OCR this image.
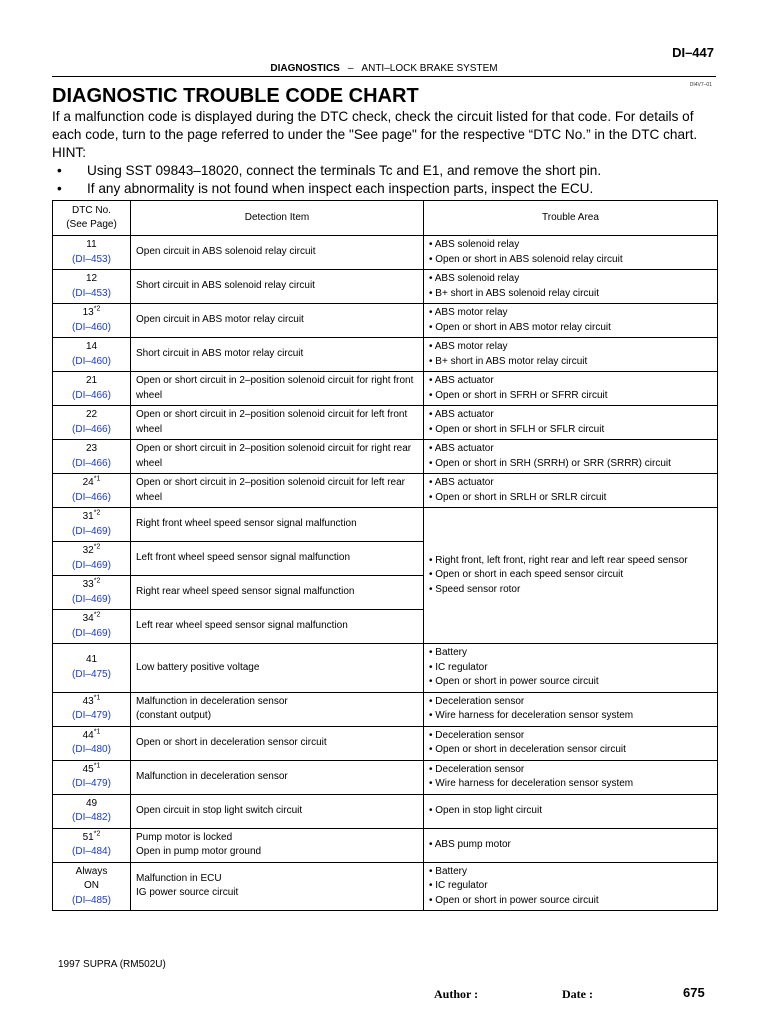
DI–447
DIAGNOSTICS – ANTI–LOCK BRAKE SYSTEM
DI4V7–01
DIAGNOSTIC TROUBLE CODE CHART

If a malfunction code is displayed during the DTC check, check the circuit listed for that code. For details of each code, turn to the page referred to under the "See page" for the respective “DTC No.” in the DTC chart.

HINT:

• Using SST 09843–18020, connect the terminals Tc and E1, and remove the short pin.
• If any abnormality is not found when inspect each inspection parts, inspect the ECU.
DTC No.
(See Page)	Detection Item	Trouble Area

11
(DI–453)	Open circuit in ABS solenoid relay circuit	• ABS solenoid relay
• Open or short in ABS solenoid relay circuit

12
(DI–453)	Short circuit in ABS solenoid relay circuit	• ABS solenoid relay
• B+ short in ABS solenoid relay circuit

13$^{*2}$
(DI–460)	Open circuit in ABS motor relay circuit	• ABS motor relay
• Open or short in ABS motor relay circuit

14
(DI–460)	Short circuit in ABS motor relay circuit	• ABS motor relay
• B+ short in ABS motor relay circuit

21
(DI–466)	Open or short circuit in 2–position solenoid circuit for right front wheel	• ABS actuator
• Open or short in SFRH or SFRR circuit

22
(DI–466)	Open or short circuit in 2–position solenoid circuit for left front wheel	• ABS actuator
• Open or short in SFLH or SFLR circuit

23
(DI–466)	Open or short circuit in 2–position solenoid circuit for right rear wheel	• ABS actuator
• Open or short in SRH (SRRH) or SRR (SRRR) circuit

24$^{*1}$
(DI–466)	Open or short circuit in 2–position solenoid circuit for left rear wheel	• ABS actuator
• Open or short in SRLH or SRLR circuit

31$^{*2}$
(DI–469)	Right front wheel speed sensor signal malfunction	• Right front, left front, right rear and left rear speed sensor
• Open or short in each speed sensor circuit
• Speed sensor rotor

32$^{*2}$
(DI–469)	Left front wheel speed sensor signal malfunction	

33$^{*2}$
(DI–469)	Right rear wheel speed sensor signal malfunction	

34$^{*2}$
(DI–469)	Left rear wheel speed sensor signal malfunction	

41
(DI–475)	Low battery positive voltage	• Battery
• IC regulator
• Open or short in power source circuit

43$^{*1}$
(DI–479)	Malfunction in deceleration sensor
(constant output)	• Deceleration sensor
• Wire harness for deceleration sensor system

44$^{*1}$
(DI–480)	Open or short in deceleration sensor circuit	• Deceleration sensor
• Open or short in deceleration sensor circuit

45$^{*1}$
(DI–479)	Malfunction in deceleration sensor	• Deceleration sensor
• Wire harness for deceleration sensor system

49
(DI–482)	Open circuit in stop light switch circuit	• Open in stop light circuit

51$^{*2}$
(DI–484)	Pump motor is locked
Open in pump motor ground	• ABS pump motor

Always
ON
(DI–485)	Malfunction in ECU
IG power source circuit	• Battery
• IC regulator
• Open or short in power source circuit
1997 SUPRA (RM502U)
Author :	Date :	675
